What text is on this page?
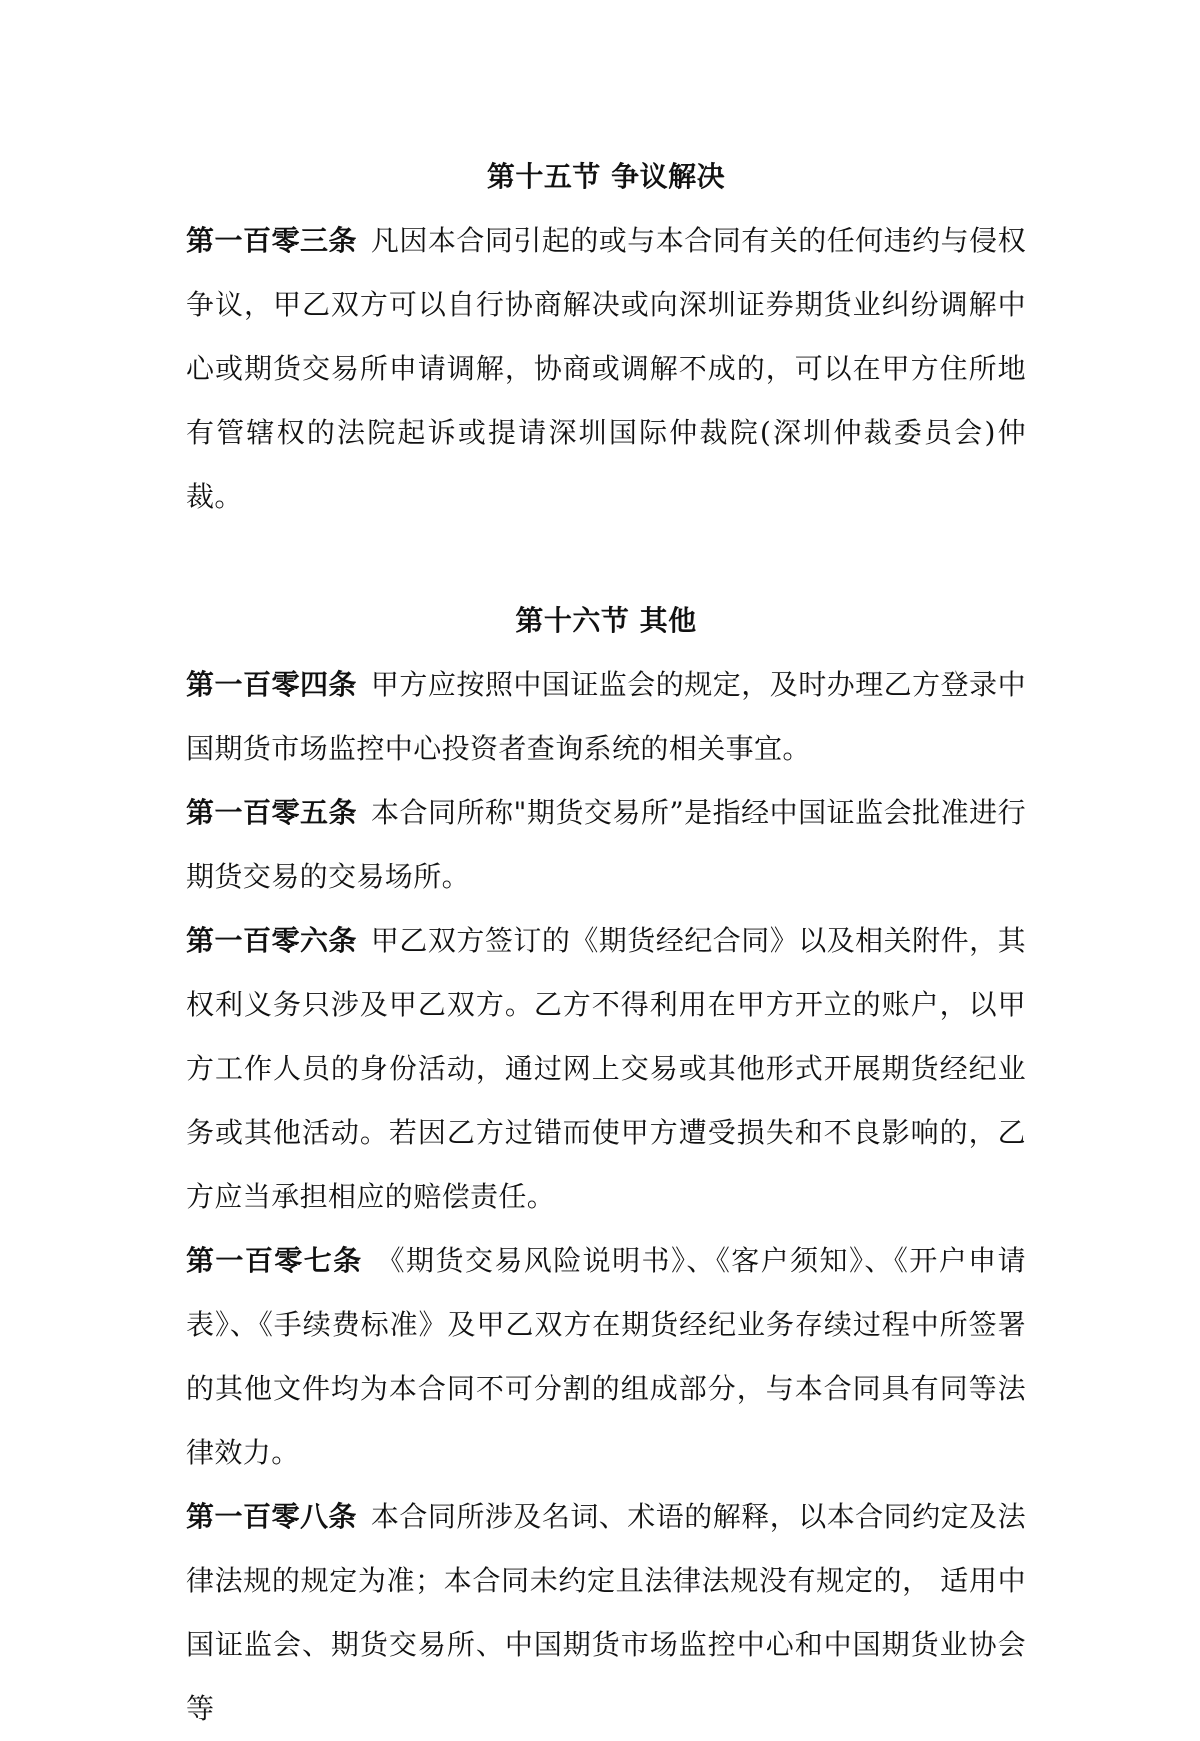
第十五节 争议解决

第一百零三条 凡因本合同引起的或与本合同有关的任何违约与侵权争议，甲乙双方可以自行协商解决或向深圳证券期货业纠纷调解中心或期货交易所申请调解，协商或调解不成的，可以在甲方住所地有管辖权的法院起诉或提请深圳国际仲裁院(深圳仲裁委员会)仲裁。

第十六节 其他

第一百零四条 甲方应按照中国证监会的规定，及时办理乙方登录中国期货市场监控中心投资者查询系统的相关事宜。

第一百零五条 本合同所称"期货交易所”是指经中国证监会批准进行期货交易的交易场所。

第一百零六条 甲乙双方签订的《期货经纪合同》以及相关附件，其权利义务只涉及甲乙双方。乙方不得利用在甲方开立的账户，以甲方工作人员的身份活动，通过网上交易或其他形式开展期货经纪业务或其他活动。若因乙方过错而使甲方遭受损失和不良影响的，乙方应当承担相应的赔偿责任。

第一百零七条 《期货交易风险说明书》、《客户须知》、《开户申请表》、《手续费标准》及甲乙双方在期货经纪业务存续过程中所签署的其他文件均为本合同不可分割的组成部分，与本合同具有同等法律效力。

第一百零八条 本合同所涉及名词、术语的解释，以本合同约定及法律法规的规定为准；本合同未约定且法律法规没有规定的， 适用中国证监会、期货交易所、中国期货市场监控中心和中国期货业协会等
